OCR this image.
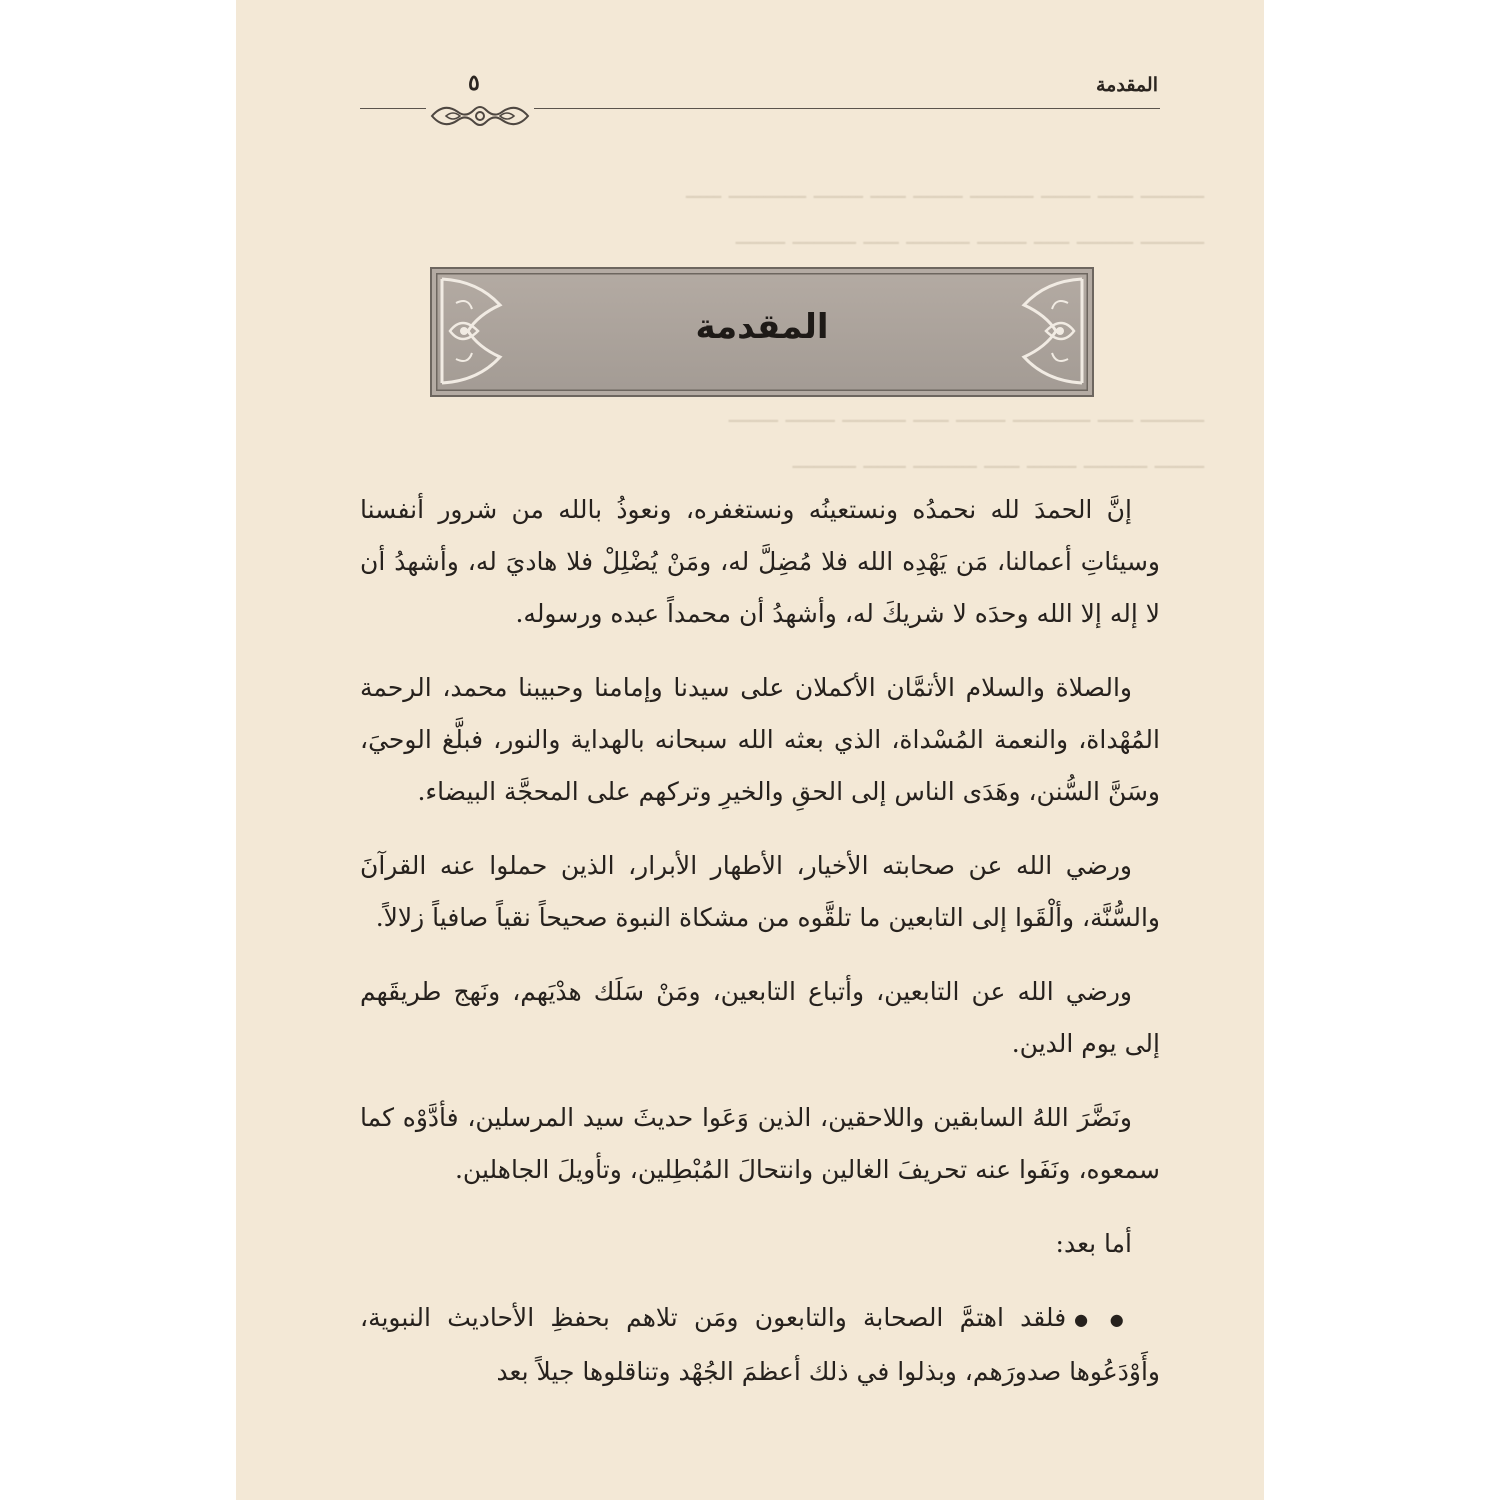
ـــــــــ ـــــ ـــــــ ـــــــــ ـــــــ ـــــ ـــــــ ـــــــــــ ـــــ
ـــــــــ ــــــــ ـــــ ـــــــ ـــــــــ ـــــ ـــــــــ ـــــــ
ـــــــــ ـــــ ـــــــــــ ـــــــ ـــــ ـــــــــ ـــــــ ـــــــ
ـــــــ ـــــــــ ـــــــ ـــــ ـــــــــ ــــــ ـــــــــ
المقدمة
٥
المقدمة

إنَّ الحمدَ لله نحمدُه ونستعينُه ونستغفره، ونعوذُ بالله من شرور أنفسنا وسيئاتِ أعمالنا، مَن يَهْدِه الله فلا مُضِلَّ له، ومَنْ يُضْلِلْ فلا هاديَ له، وأشهدُ أن لا إله إلا الله وحدَه لا شريكَ له، وأشهدُ أن محمداً عبده ورسوله.

والصلاة والسلام الأتمَّان الأكملان على سيدنا وإمامنا وحبيبنا محمد، الرحمة المُهْداة، والنعمة المُسْداة، الذي بعثه الله سبحانه بالهداية والنور، فبلَّغ الوحيَ، وسَنَّ السُّنن، وهَدَى الناس إلى الحقِ والخيرِ وتركهم على المحجَّة البيضاء.

ورضي الله عن صحابته الأخيار، الأطهار الأبرار، الذين حملوا عنه القرآنَ والسُّنَّة، وألْقَوا إلى التابعين ما تلقَّوه من مشكاة النبوة صحيحاً نقياً صافياً زلالاً.

ورضي الله عن التابعين، وأتباع التابعين، ومَنْ سَلَك هدْيَهم، ونَهج طريقَهم إلى يوم الدين.

ونَضَّرَ اللهُ السابقين واللاحقين، الذين وَعَوا حديثَ سيد المرسلين، فأدَّوْه كما سمعوه، ونَفَوا عنه تحريفَ الغالين وانتحالَ المُبْطِلين، وتأويلَ الجاهلين.

أما بعد:

● ●فلقد اهتمَّ الصحابة والتابعون ومَن تلاهم بحفظِ الأحاديث النبوية، وأَوْدَعُوها صدورَهم، وبذلوا في ذلك أعظمَ الجُهْد وتناقلوها جيلاً بعد
